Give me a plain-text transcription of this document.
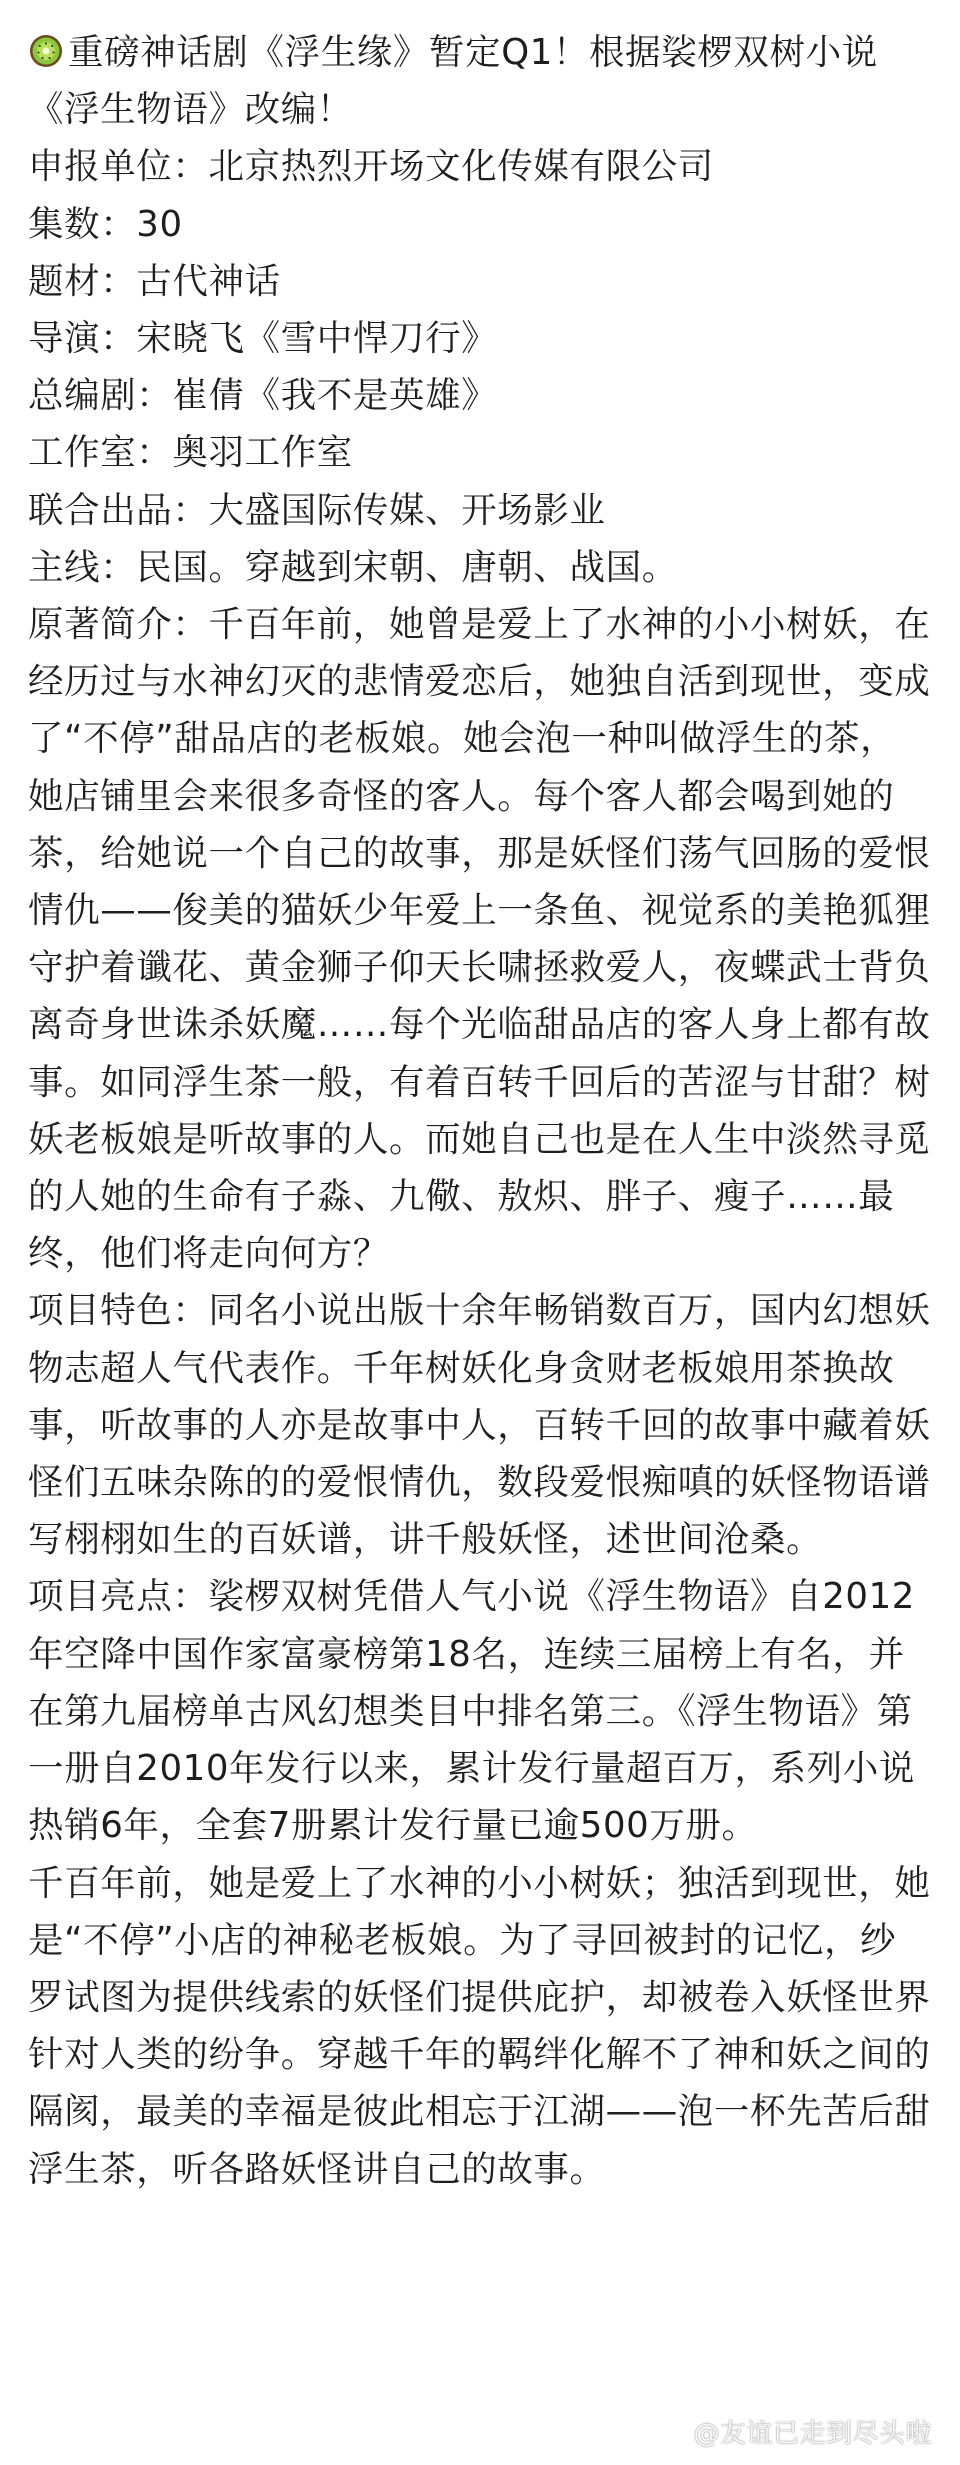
重磅神话剧《浮生缘》暂定Q1！根据裟椤双树小说《浮生物语》改编！

申报单位：北京热烈开场文化传媒有限公司

集数：30

题材：古代神话

导演：宋晓飞《雪中悍刀行》

总编剧：崔倩《我不是英雄》

工作室：奥羽工作室

联合出品：大盛国际传媒、开场影业

主线：民国。穿越到宋朝、唐朝、战国。

原著简介：千百年前，她曾是爱上了水神的小小树妖，在经历过与水神幻灭的悲情爱恋后，她独自活到现世，变成了“不停”甜品店的老板娘。她会泡一种叫做浮生的茶，她店铺里会来很多奇怪的客人。每个客人都会喝到她的茶，给她说一个自己的故事，那是妖怪们荡气回肠的爱恨情仇——俊美的猫妖少年爱上一条鱼、视觉系的美艳狐狸守护着谶花、黄金狮子仰天长啸拯救爱人，夜蝶武士背负离奇身世诛杀妖魔……每个光临甜品店的客人身上都有故事。如同浮生茶一般，有着百转千回后的苦涩与甘甜？树妖老板娘是听故事的人。而她自己也是在人生中淡然寻觅的人她的生命有子淼、九儆、敖炽、胖子、瘦子……最终，他们将走向何方？

项目特色：同名小说出版十余年畅销数百万，国内幻想妖物志超人气代表作。千年树妖化身贪财老板娘用茶换故事，听故事的人亦是故事中人，百转千回的故事中藏着妖怪们五味杂陈的的爱恨情仇，数段爱恨痴嗔的妖怪物语谱写栩栩如生的百妖谱，讲千般妖怪，述世间沧桑。

项目亮点：裟椤双树凭借人气小说《浮生物语》自2012年空降中国作家富豪榜第18名，连续三届榜上有名，并在第九届榜单古风幻想类目中排名第三。《浮生物语》第一册自2010年发行以来，累计发行量超百万，系列小说热销6年，全套7册累计发行量已逾500万册。

千百年前，她是爱上了水神的小小树妖；独活到现世，她是“不停”小店的神秘老板娘。为了寻回被封的记忆，纱罗试图为提供线索的妖怪们提供庇护，却被卷入妖怪世界针对人类的纷争。穿越千年的羁绊化解不了神和妖之间的隔阂，最美的幸福是彼此相忘于江湖——泡一杯先苦后甜浮生茶，听各路妖怪讲自己的故事。

@友谊已走到尽头啦
